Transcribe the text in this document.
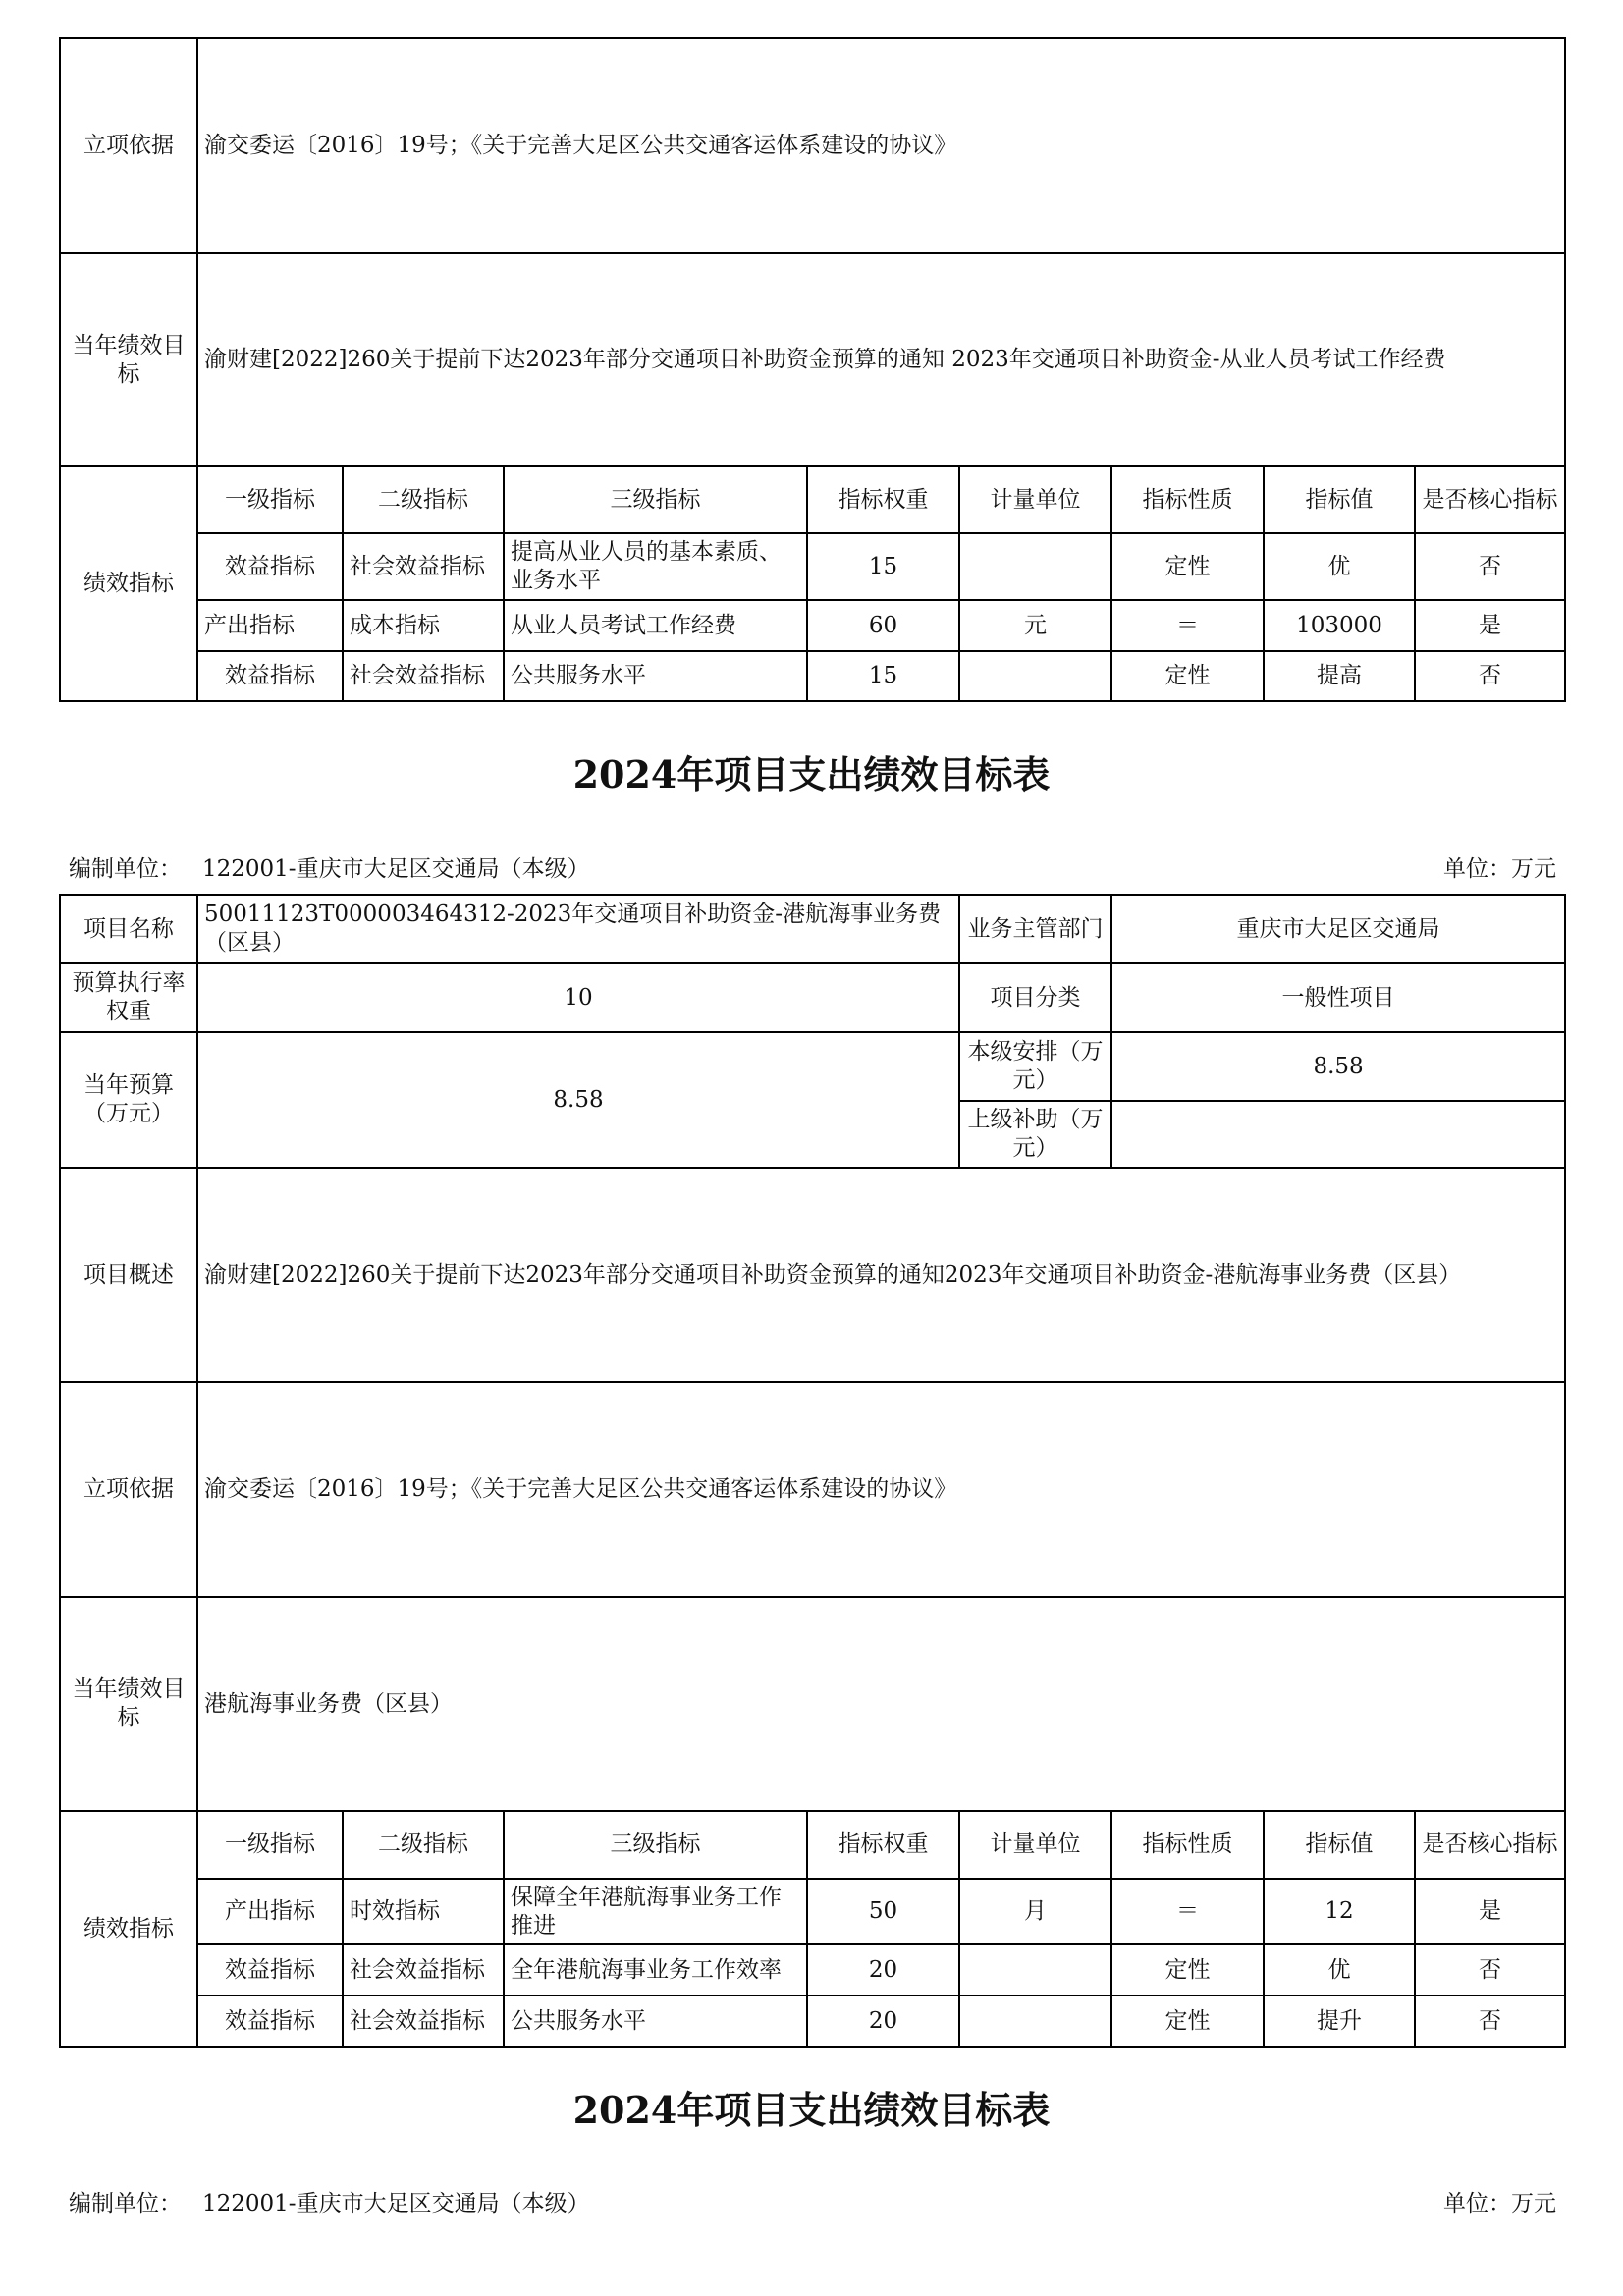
立项依据	渝交委运〔2016〕19号；《关于完善大足区公共交通客运体系建设的协议》							
当年绩效目标	渝财建[2022]260关于提前下达2023年部分交通项目补助资金预算的通知 2023年交通项目补助资金-从业人员考试工作经费							
绩效指标	一级指标	二级指标	三级指标	指标权重	计量单位	指标性质	指标值	是否核心指标
	效益指标	社会效益指标	提高从业人员的基本素质、业务水平	15		定性	优	否
	产出指标	成本指标	从业人员考试工作经费	60	元	＝	103000	是
	效益指标	社会效益指标	公共服务水平	15		定性	提高	否
2024年项目支出绩效目标表
编制单位： 122001-重庆市大足区交通局（本级）	单位：万元
项目名称	50011123T000003464312-2023年交通项目补助资金-港航海事业务费（区县）				业务主管部门	重庆市大足区交通局		
预算执行率权重	10				项目分类	一般性项目		
当年预算（万元）	8.58				本级安排（万元）	8.58		
					上级补助（万元）			
项目概述	渝财建[2022]260关于提前下达2023年部分交通项目补助资金预算的通知2023年交通项目补助资金-港航海事业务费（区县）							
立项依据	渝交委运〔2016〕19号；《关于完善大足区公共交通客运体系建设的协议》							
当年绩效目标	港航海事业务费（区县）							
绩效指标	一级指标	二级指标	三级指标	指标权重	计量单位	指标性质	指标值	是否核心指标
	产出指标	时效指标	保障全年港航海事业务工作推进	50	月	＝	12	是
	效益指标	社会效益指标	全年港航海事业务工作效率	20		定性	优	否
	效益指标	社会效益指标	公共服务水平	20		定性	提升	否
2024年项目支出绩效目标表
编制单位： 122001-重庆市大足区交通局（本级）	单位：万元
